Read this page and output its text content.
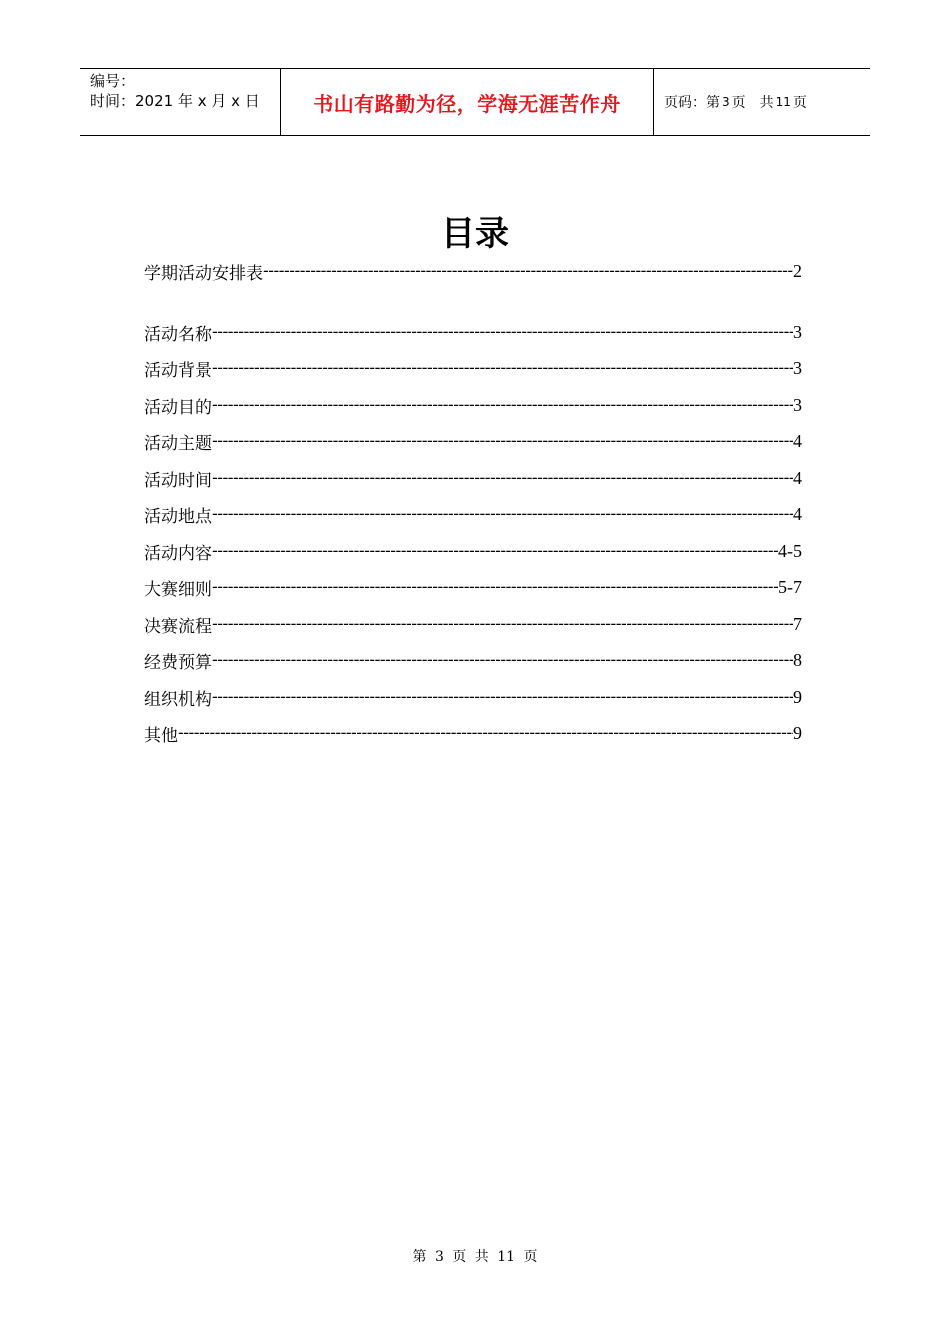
编号：
时间：2021 年 x 月 x 日	书山有路勤为径，学海无涯苦作舟	页码：第 3 页　共 11 页
目录
学期活动安排表 -----	2
活动名称 -----	3
活动背景 -----	3
活动目的 -----	3
活动主题 -----	4
活动时间 -----	4
活动地点 -----	4
活动内容 -----	4-5
大赛细则 -----	5-7
决赛流程 -----	7
经费预算 -----	8
组织机构 -----	9
其他 -----	9
第 3 页 共 11 页
